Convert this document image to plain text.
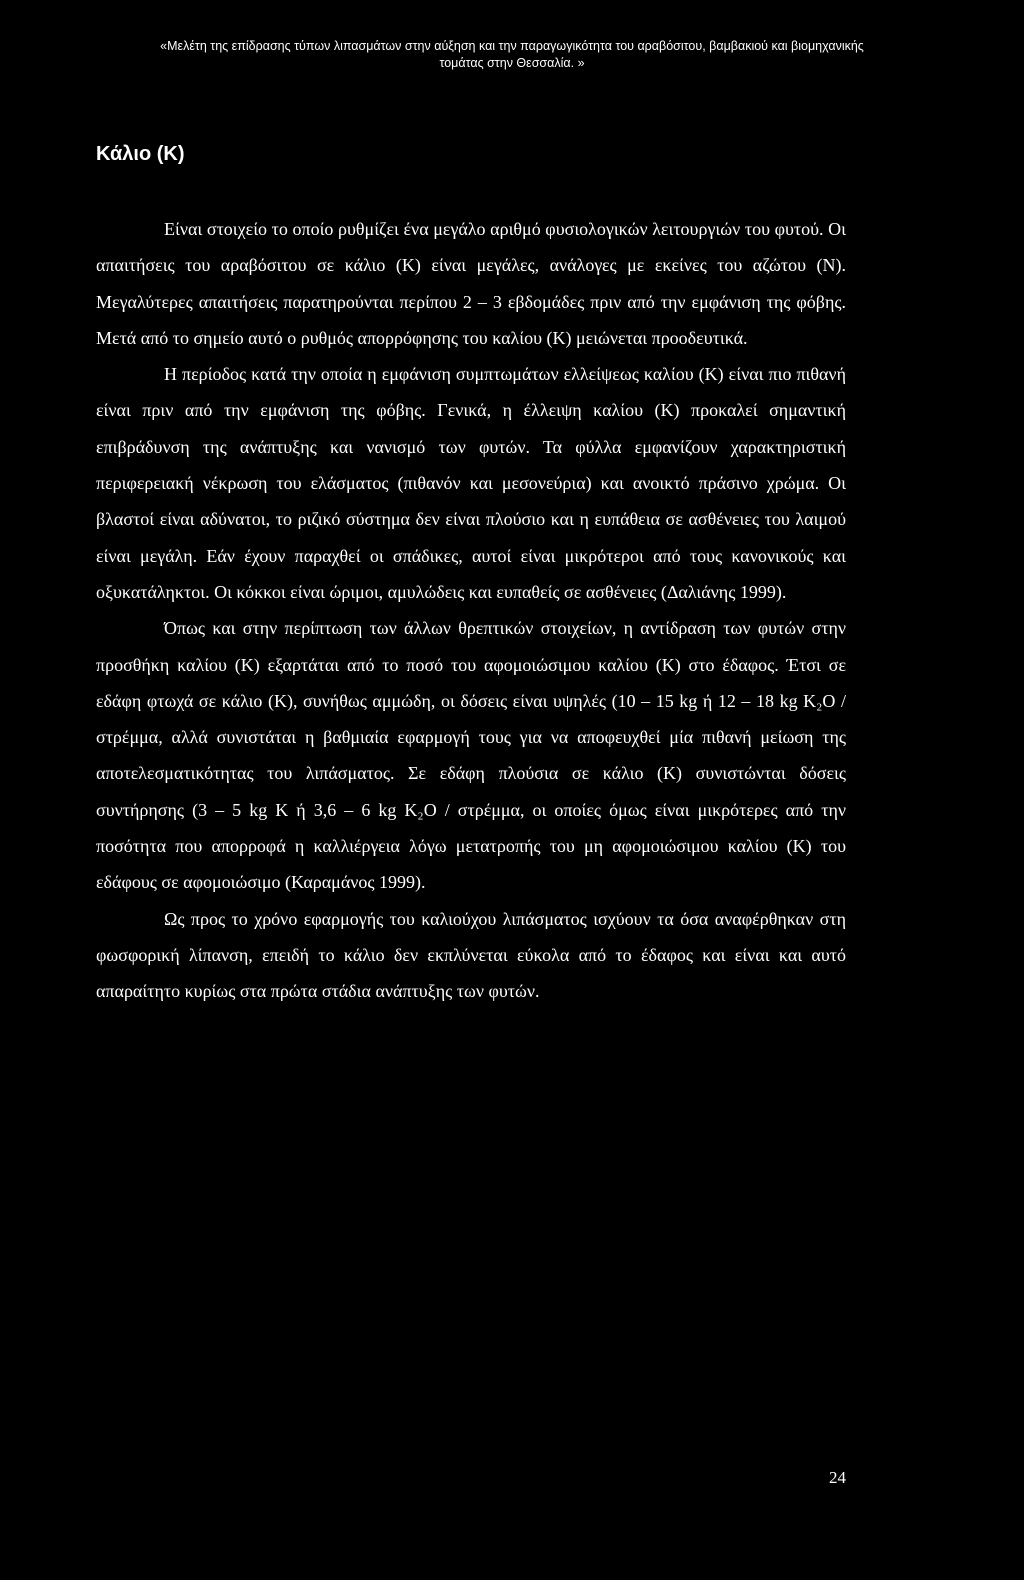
«Μελέτη της επίδρασης τύπων λιπασμάτων στην αύξηση και την παραγωγικότητα του αραβόσιτου, βαμβακιού και βιομηχανικής
τομάτας στην Θεσσαλία. »
Κάλιο (K)

Είναι στοιχείο το οποίο ρυθμίζει ένα μεγάλο αριθμό φυσιολογικών λειτουργιών του φυτού. Οι απαιτήσεις του αραβόσιτου σε κάλιο (K) είναι μεγάλες, ανάλογες με εκείνες του αζώτου (N). Μεγαλύτερες απαιτήσεις παρατηρούνται περίπου 2 – 3 εβδομάδες πριν από την εμφάνιση της φόβης. Μετά από το σημείο αυτό ο ρυθμός απορρόφησης του καλίου (K) μειώνεται προοδευτικά.

Η περίοδος κατά την οποία η εμφάνιση συμπτωμάτων ελλείψεως καλίου (K) είναι πιο πιθανή είναι πριν από την εμφάνιση της φόβης. Γενικά, η έλλειψη καλίου (K) προκαλεί σημαντική επιβράδυνση της ανάπτυξης και νανισμό των φυτών. Τα φύλλα εμφανίζουν χαρακτηριστική περιφερειακή νέκρωση του ελάσματος (πιθανόν και μεσονεύρια) και ανοικτό πράσινο χρώμα. Οι βλαστοί είναι αδύνατοι, το ριζικό σύστημα δεν είναι πλούσιο και η ευπάθεια σε ασθένειες του λαιμού είναι μεγάλη. Εάν έχουν παραχθεί οι σπάδικες, αυτοί είναι μικρότεροι από τους κανονικούς και οξυκατάληκτοι. Οι κόκκοι είναι ώριμοι, αμυλώδεις και ευπαθείς σε ασθένειες (Δαλιάνης 1999).

Όπως και στην περίπτωση των άλλων θρεπτικών στοιχείων, η αντίδραση των φυτών στην προσθήκη καλίου (K) εξαρτάται από το ποσό του αφομοιώσιμου καλίου (K) στο έδαφος. Έτσι σε εδάφη φτωχά σε κάλιο (K), συνήθως αμμώδη, οι δόσεις είναι υψηλές (10 – 15 kg ή 12 – 18 kg K₂O / στρέμμα, αλλά συνιστάται η βαθμιαία εφαρμογή τους για να αποφευχθεί μία πιθανή μείωση της αποτελεσματικότητας του λιπάσματος. Σε εδάφη πλούσια σε κάλιο (K) συνιστώνται δόσεις συντήρησης (3 – 5 kg K ή 3,6 – 6 kg K₂O / στρέμμα, οι οποίες όμως είναι μικρότερες από την ποσότητα που απορροφά η καλλιέργεια λόγω μετατροπής του μη αφομοιώσιμου καλίου (K) του εδάφους σε αφομοιώσιμο (Καραμάνος 1999).

Ως προς το χρόνο εφαρμογής του καλιούχου λιπάσματος ισχύουν τα όσα αναφέρθηκαν στη φωσφορική λίπανση, επειδή το κάλιο δεν εκπλύνεται εύκολα από το έδαφος και είναι και αυτό απαραίτητο κυρίως στα πρώτα στάδια ανάπτυξης των φυτών.

24
